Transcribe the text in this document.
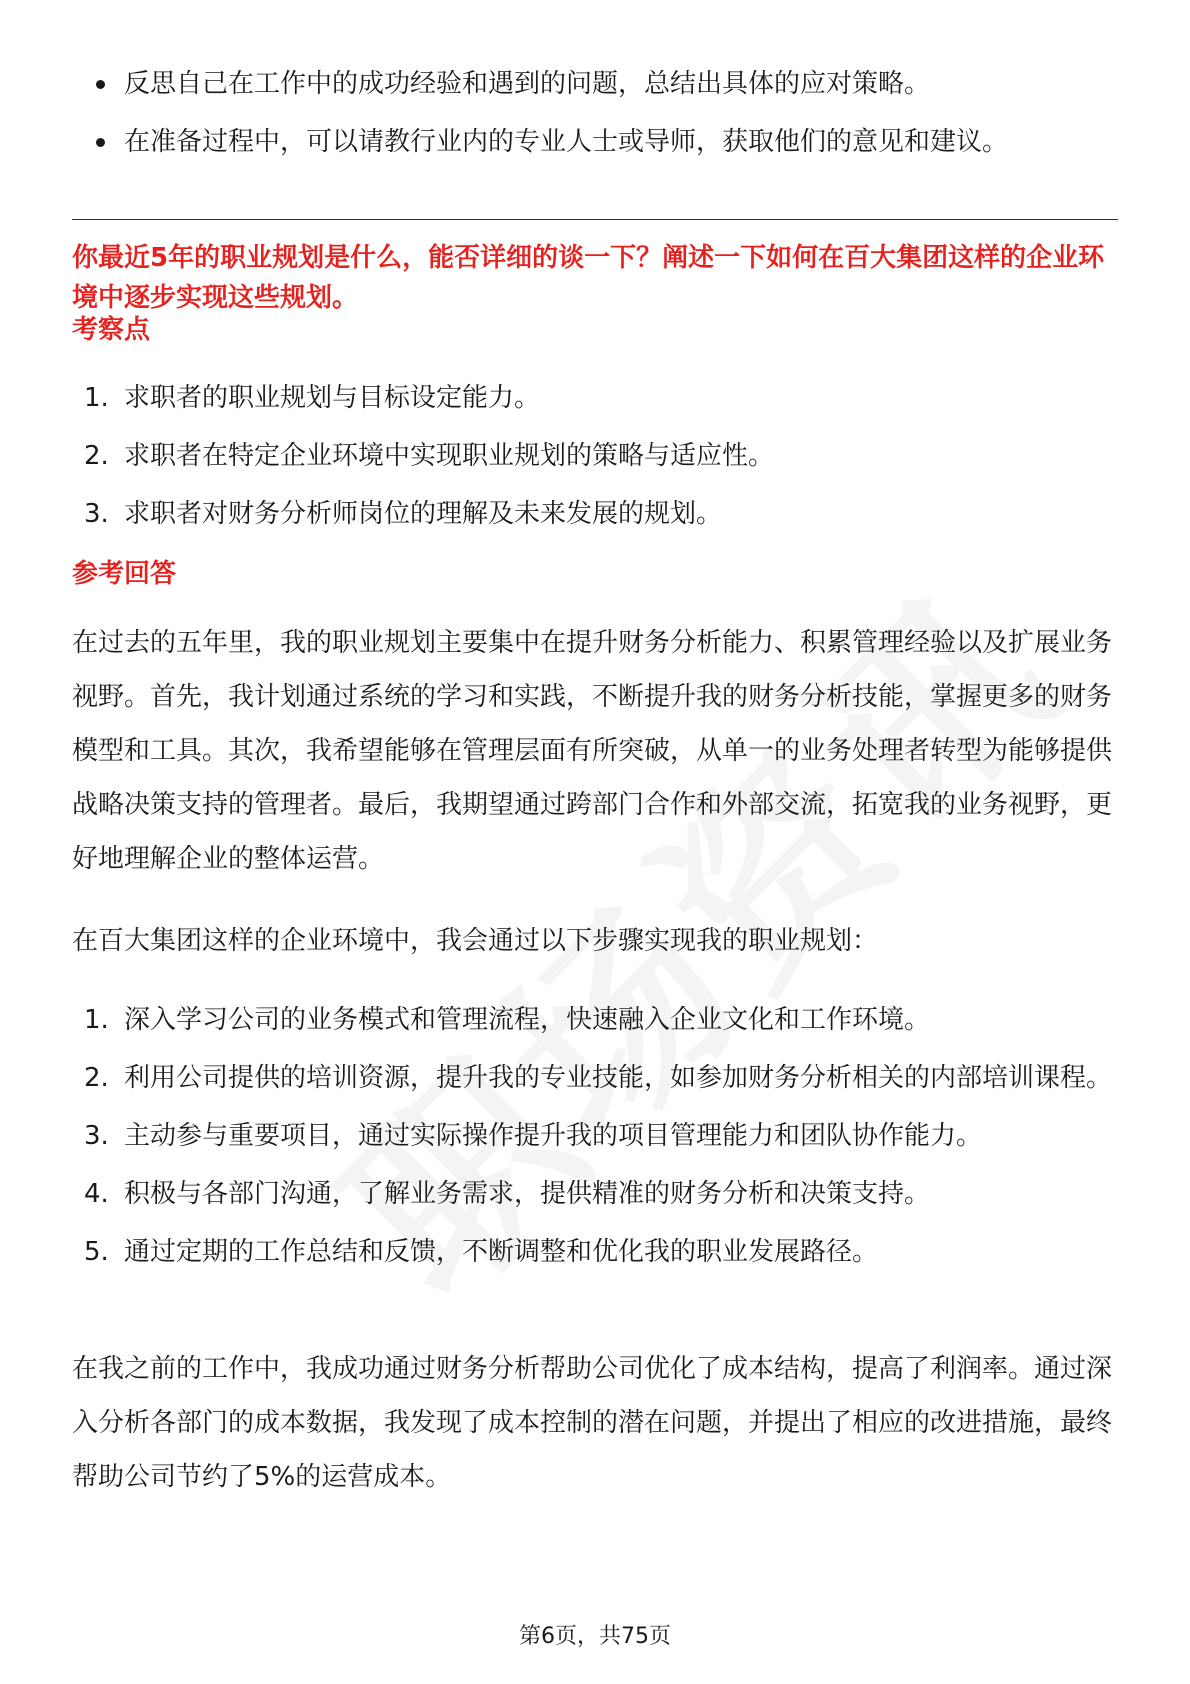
反思自己在工作中的成功经验和遇到的问题，总结出具体的应对策略。
在准备过程中，可以请教行业内的专业人士或导师，获取他们的意见和建议。
你最近5年的职业规划是什么，能否详细的谈一下？阐述一下如何在百大集团这样的企业环境中逐步实现这些规划。
考察点
1. 求职者的职业规划与目标设定能力。
2. 求职者在特定企业环境中实现职业规划的策略与适应性。
3. 求职者对财务分析师岗位的理解及未来发展的规划。
参考回答
在过去的五年里，我的职业规划主要集中在提升财务分析能力、积累管理经验以及扩展业务视野。首先，我计划通过系统的学习和实践，不断提升我的财务分析技能，掌握更多的财务模型和工具。其次，我希望能够在管理层面有所突破，从单一的业务处理者转型为能够提供战略决策支持的管理者。最后，我期望通过跨部门合作和外部交流，拓宽我的业务视野，更好地理解企业的整体运营。
在百大集团这样的企业环境中，我会通过以下步骤实现我的职业规划：
1. 深入学习公司的业务模式和管理流程，快速融入企业文化和工作环境。
2. 利用公司提供的培训资源，提升我的专业技能，如参加财务分析相关的内部培训课程。
3. 主动参与重要项目，通过实际操作提升我的项目管理能力和团队协作能力。
4. 积极与各部门沟通，了解业务需求，提供精准的财务分析和决策支持。
5. 通过定期的工作总结和反馈，不断调整和优化我的职业发展路径。
在我之前的工作中，我成功通过财务分析帮助公司优化了成本结构，提高了利润率。通过深入分析各部门的成本数据，我发现了成本控制的潜在问题，并提出了相应的改进措施，最终帮助公司节约了5%的运营成本。
第6页，共75页
